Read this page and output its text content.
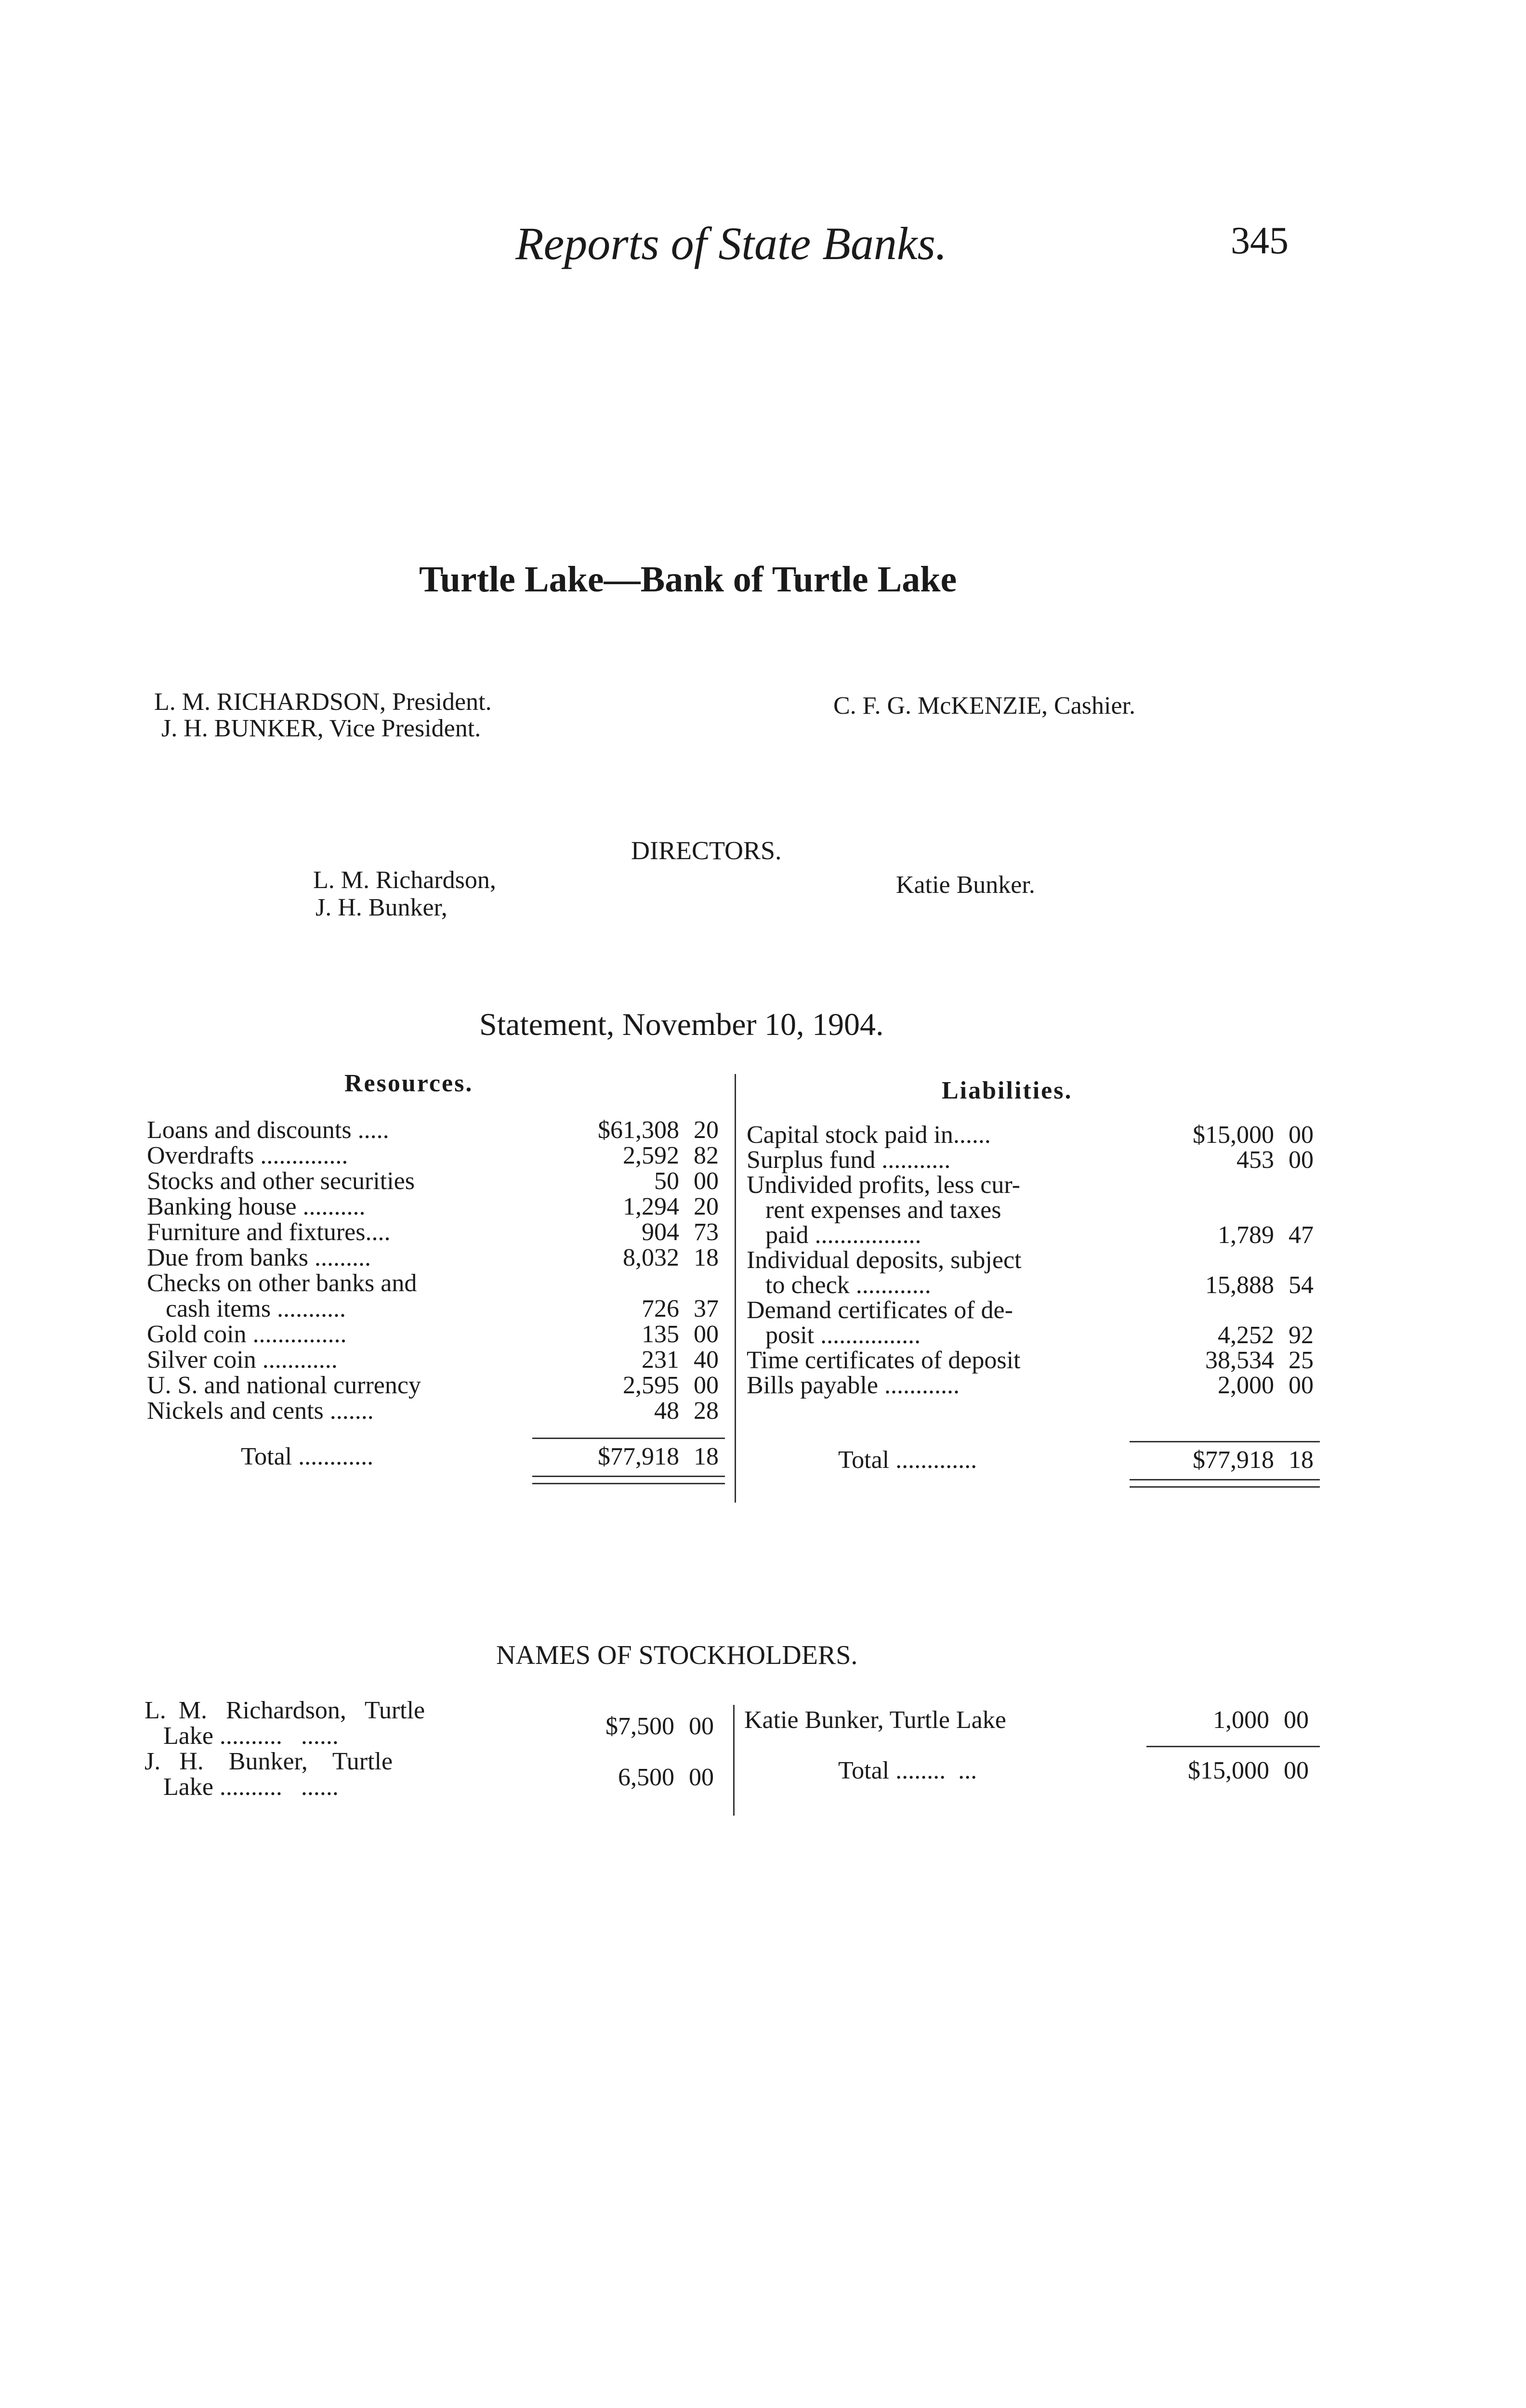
Reports of State Banks.	345
Turtle Lake—Bank of Turtle Lake
L. M. RICHARDSON, President.
J. H. BUNKER, Vice President.
C. F. G. McKENZIE, Cashier.
DIRECTORS.
L. M. Richardson,
J. H. Bunker,
Katie Bunker.
Statement, November 10, 1904.
Resources.	Liabilities.
Loans and discounts .....	$61,308 20
Overdrafts ..............	2,592 82
Stocks and other securities	50 00
Banking house ..........	1,294 20
Furniture and fixtures....	904 73
Due from banks .........	8,032 18
Checks on other banks and
cash items ...........	726 37
Gold coin ...............	135 00
Silver coin ............	231 40
U. S. and national currency	2,595 00
Nickels and cents .......	48 28
Total ............	$77,918 18
Capital stock paid in......	$15,000 00
Surplus fund ...........	453 00
Undivided profits, less cur-
rent expenses and taxes
paid .................	1,789 47
Individual deposits, subject
to check ............	15,888 54
Demand certificates of de-
posit ................	4,252 92
Time certificates of deposit	38,534 25
Bills payable ............	2,000 00
Total .............	$77,918 18
NAMES OF STOCKHOLDERS.
L.  M.   Richardson,   Turtle
Lake ..........   ......	$7,500 00
J.   H.    Bunker,    Turtle
Lake ..........   ......	6,500 00
Katie Bunker, Turtle Lake	1,000 00
Total ........  ...	$15,000 00
